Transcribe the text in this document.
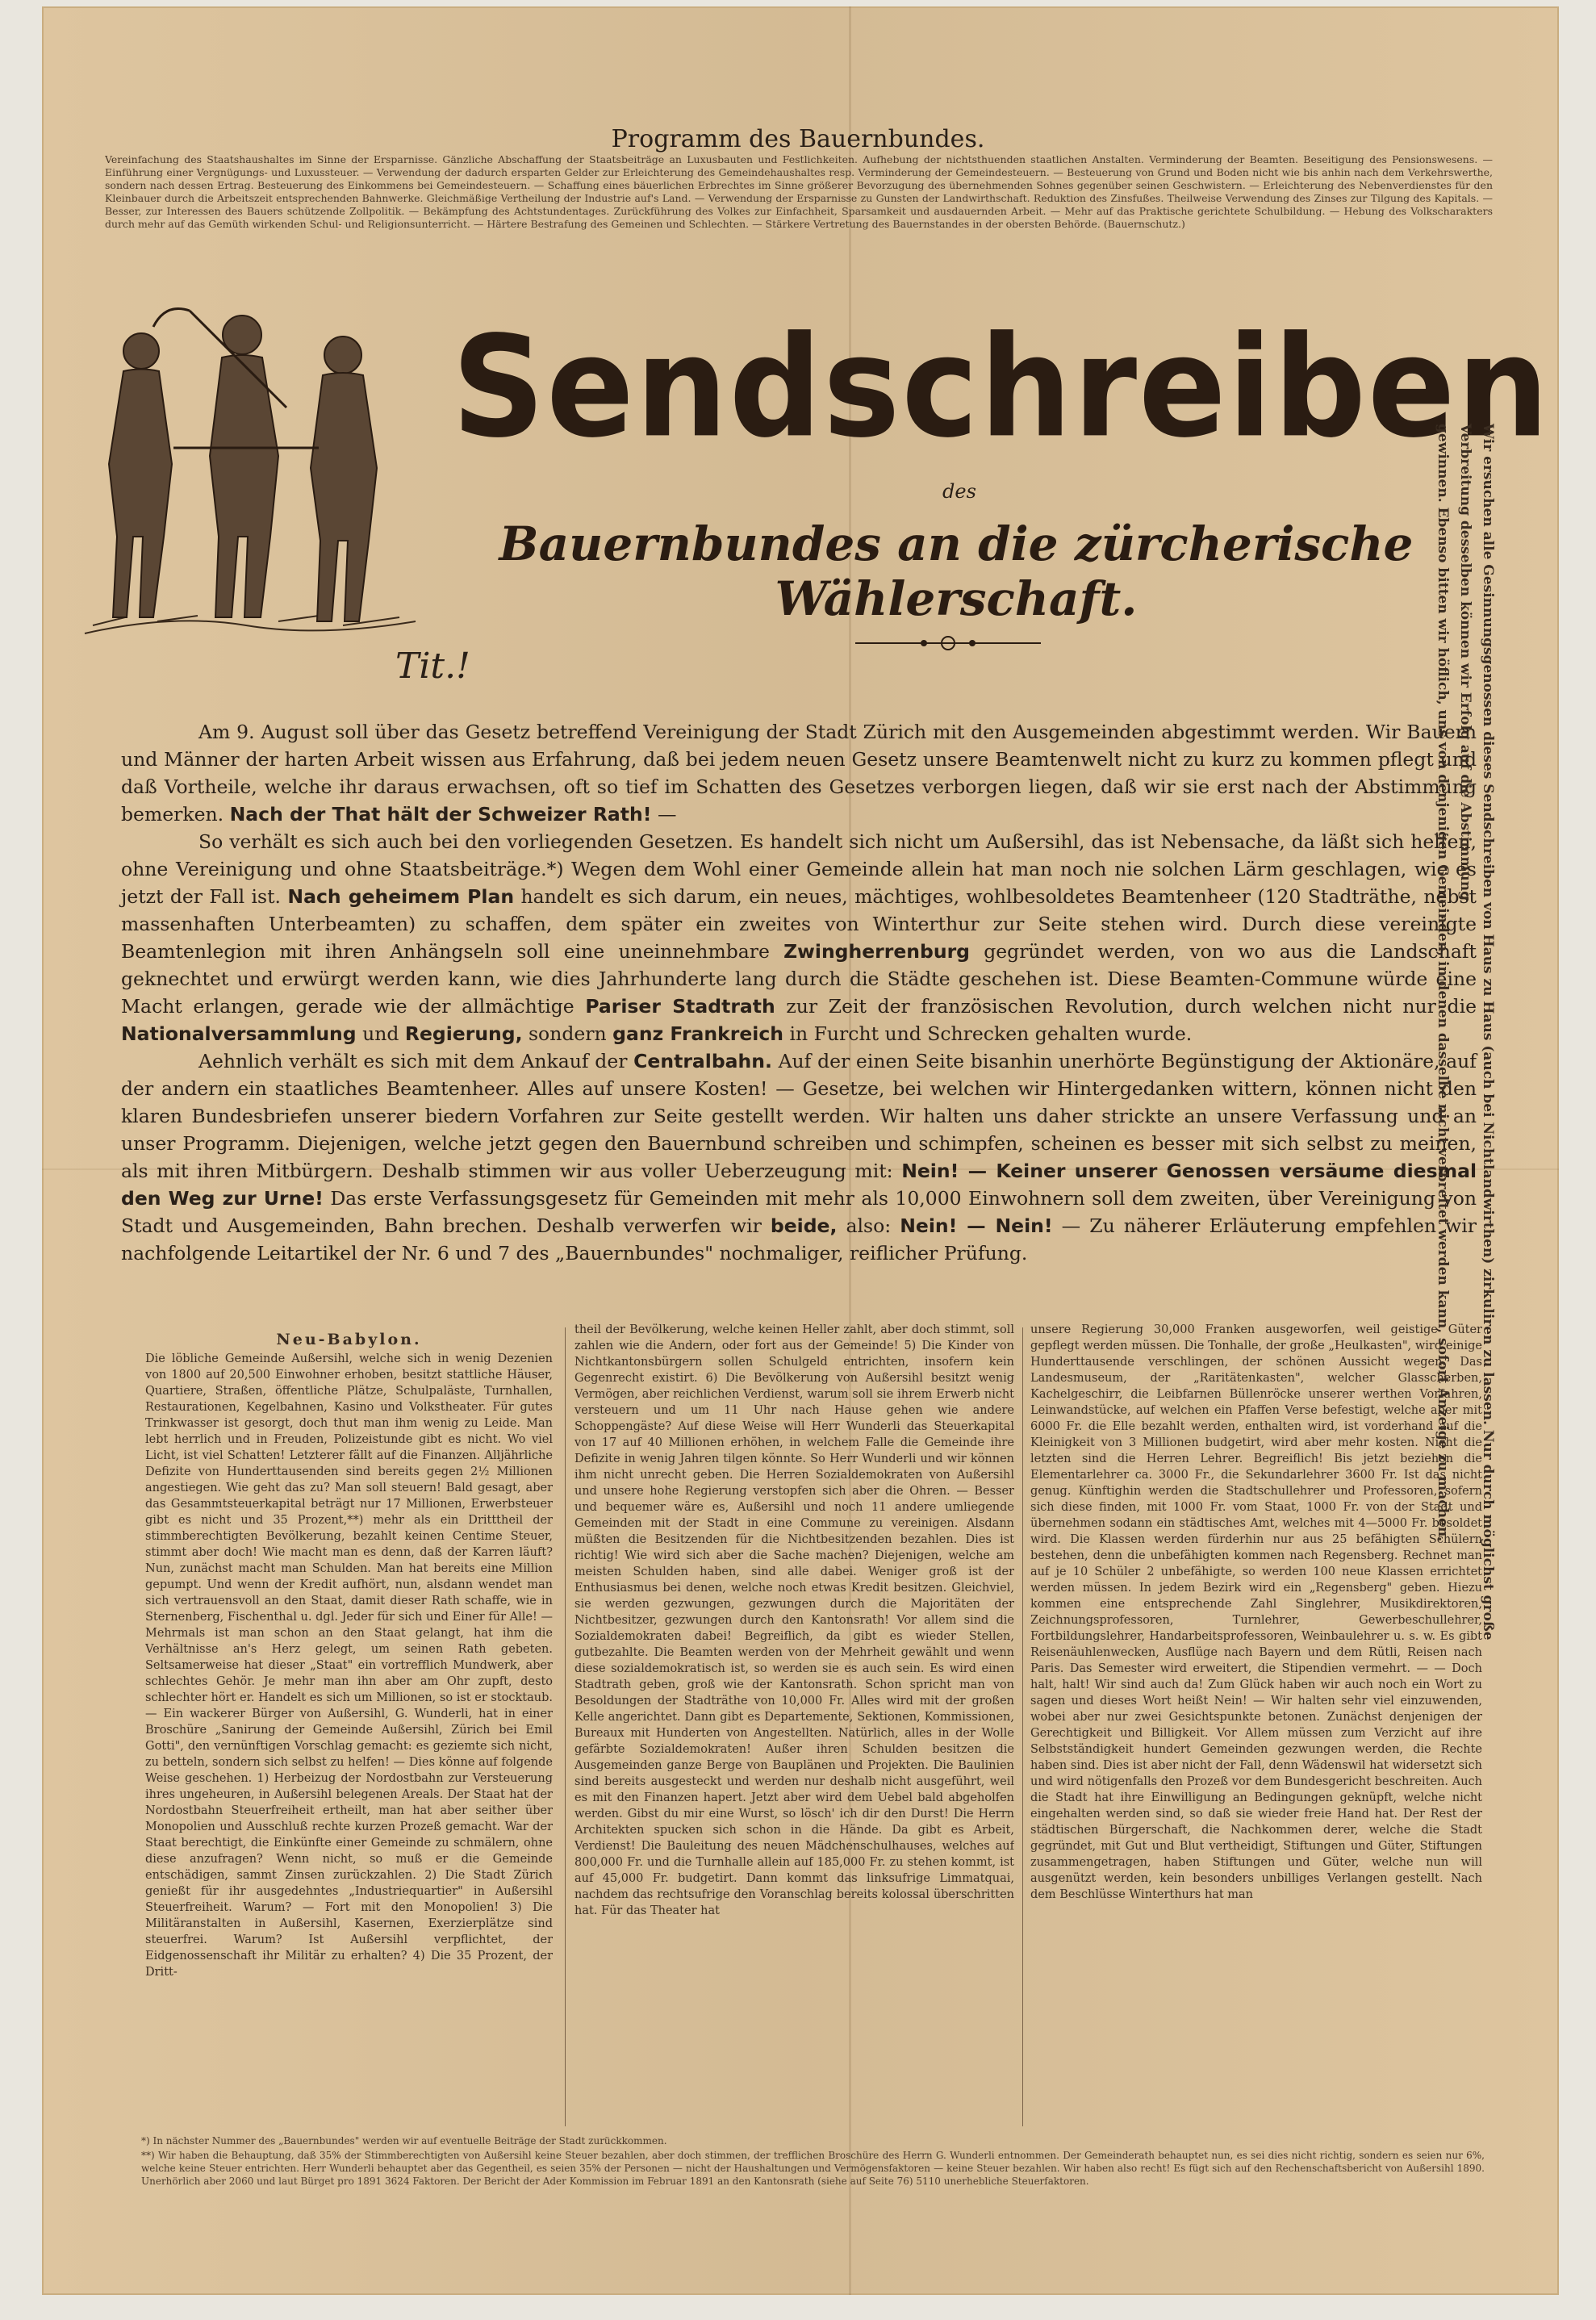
Programm des Bauernbundes.
Vereinfachung des Staatshaushaltes im Sinne der Ersparnisse. Gänzliche Abschaffung der Staatsbeiträge an Luxusbauten und Festlichkeiten. Aufhebung der nichtsthuenden staatlichen Anstalten. Verminderung der Beamten. Beseitigung des Pensionswesens. — Einführung einer Vergnügungs- und Luxussteuer. — Verwendung der dadurch ersparten Gelder zur Erleichterung des Gemeindehaushaltes resp. Verminderung der Gemeindesteuern. — Besteuerung von Grund und Boden nicht wie bis anhin nach dem Verkehrswerthe, sondern nach dessen Ertrag. Besteuerung des Einkommens bei Gemeindesteuern. — Schaffung eines bäuerlichen Erbrechtes im Sinne größerer Bevorzugung des übernehmenden Sohnes gegenüber seinen Geschwistern. — Erleichterung des Nebenverdienstes für den Kleinbauer durch die Arbeitszeit entsprechenden Bahnwerke. Gleichmäßige Vertheilung der Industrie auf's Land. — Verwendung der Ersparnisse zu Gunsten der Landwirthschaft. Reduktion des Zinsfußes. Theilweise Verwendung des Zinses zur Tilgung des Kapitals. — Besser, zur Interessen des Bauers schützende Zollpolitik. — Bekämpfung des Achtstundentages. Zurückführung des Volkes zur Einfachheit, Sparsamkeit und ausdauernden Arbeit. — Mehr auf das Praktische gerichtete Schulbildung. — Hebung des Volkscharakters durch mehr auf das Gemüth wirkenden Schul- und Religionsunterricht. — Härtere Bestrafung des Gemeinen und Schlechten. — Stärkere Vertretung des Bauernstandes in der obersten Behörde. (Bauernschutz.)
Sendschreiben
des
Bauernbundes an die zürcherische Wählerschaft.
Tit.!

Am 9. August soll über das Gesetz betreffend Vereinigung der Stadt Zürich mit den Ausgemeinden abgestimmt werden. Wir Bauern und Männer der harten Arbeit wissen aus Erfahrung, daß bei jedem neuen Gesetz unsere Beamtenwelt nicht zu kurz zu kommen pflegt und daß Vortheile, welche ihr daraus erwachsen, oft so tief im Schatten des Gesetzes verborgen liegen, daß wir sie erst nach der Abstimmung bemerken. Nach der That hält der Schweizer Rath! —

So verhält es sich auch bei den vorliegenden Gesetzen. Es handelt sich nicht um Außersihl, das ist Nebensache, da läßt sich helfen, ohne Vereinigung und ohne Staatsbeiträge.*) Wegen dem Wohl einer Gemeinde allein hat man noch nie solchen Lärm geschlagen, wie es jetzt der Fall ist. Nach geheimem Plan handelt es sich darum, ein neues, mächtiges, wohlbesoldetes Beamtenheer (120 Stadträthe, nebst massenhaften Unterbeamten) zu schaffen, dem später ein zweites von Winterthur zur Seite stehen wird. Durch diese vereinigte Beamtenlegion mit ihren Anhängseln soll eine uneinnehmbare Zwingherrenburg gegründet werden, von wo aus die Landschaft geknechtet und erwürgt werden kann, wie dies Jahrhunderte lang durch die Städte geschehen ist. Diese Beamten-Commune würde eine Macht erlangen, gerade wie der allmächtige Pariser Stadtrath zur Zeit der französischen Revolution, durch welchen nicht nur die Nationalversammlung und Regierung, sondern ganz Frankreich in Furcht und Schrecken gehalten wurde.

Aehnlich verhält es sich mit dem Ankauf der Centralbahn. Auf der einen Seite bisanhin unerhörte Begünstigung der Aktionäre, auf der andern ein staatliches Beamtenheer. Alles auf unsere Kosten! — Gesetze, bei welchen wir Hintergedanken wittern, können nicht den klaren Bundesbriefen unserer biedern Vorfahren zur Seite gestellt werden. Wir halten uns daher strickte an unsere Verfassung und an unser Programm. Diejenigen, welche jetzt gegen den Bauernbund schreiben und schimpfen, scheinen es besser mit sich selbst zu meinen, als mit ihren Mitbürgern. Deshalb stimmen wir aus voller Ueberzeugung mit: Nein! — Keiner unserer Genossen versäume diesmal den Weg zur Urne! Das erste Verfassungsgesetz für Gemeinden mit mehr als 10,000 Einwohnern soll dem zweiten, über Vereinigung von Stadt und Ausgemeinden, Bahn brechen. Deshalb verwerfen wir beide, also: Nein! — Nein! — Zu näherer Erläuterung empfehlen wir nachfolgende Leitartikel der Nr. 6 und 7 des „Bauernbundes" nochmaliger, reiflicher Prüfung.	Wir ersuchen alle Gesinnungsgenossen dieses Sendschreiben von Haus zu Haus (auch bei Nichtlandwirthen) zirkuliren zu lassen. Nur durch möglichst große Verbreitung desselben können wir Erfolg auf die Abstimmung
gewinnen. Ebenso bitten wir höflich, uns von denjenigen Gemeinden, in denen dasselbe nicht verbreitet werden kann, sofort Anzeige zu machen.
Neu-Babylon.
Die löbliche Gemeinde Außersihl, welche sich in wenig Dezenien von 1800 auf 20,500 Einwohner erhoben, besitzt stattliche Häuser, Quartiere, Straßen, öffentliche Plätze, Schulpaläste, Turnhallen, Restaurationen, Kegelbahnen, Kasino und Volkstheater. Für gutes Trinkwasser ist gesorgt, doch thut man ihm wenig zu Leide. Man lebt herrlich und in Freuden, Polizeistunde gibt es nicht. Wo viel Licht, ist viel Schatten! Letzterer fällt auf die Finanzen. Alljährliche Defizite von Hunderttausenden sind bereits gegen 2½ Millionen angestiegen. Wie geht das zu? Man soll steuern! Bald gesagt, aber das Gesammtsteuerkapital beträgt nur 17 Millionen, Erwerbsteuer gibt es nicht und 35 Prozent,**) mehr als ein Dritttheil der stimmberechtigten Bevölkerung, bezahlt keinen Centime Steuer, stimmt aber doch! Wie macht man es denn, daß der Karren läuft? Nun, zunächst macht man Schulden. Man hat bereits eine Million gepumpt. Und wenn der Kredit aufhört, nun, alsdann wendet man sich vertrauensvoll an den Staat, damit dieser Rath schaffe, wie in Sternenberg, Fischenthal u. dgl. Jeder für sich und Einer für Alle! — Mehrmals ist man schon an den Staat gelangt, hat ihm die Verhältnisse an's Herz gelegt, um seinen Rath gebeten. Seltsamerweise hat dieser „Staat" ein vortrefflich Mundwerk, aber schlechtes Gehör. Je mehr man ihn aber am Ohr zupft, desto schlechter hört er. Handelt es sich um Millionen, so ist er stocktaub. — Ein wackerer Bürger von Außersihl, G. Wunderli, hat in einer Broschüre „Sanirung der Gemeinde Außersihl, Zürich bei Emil Gotti", den vernünftigen Vorschlag gemacht: es geziemte sich nicht, zu betteln, sondern sich selbst zu helfen! — Dies könne auf folgende Weise geschehen. 1) Herbeizug der Nordostbahn zur Versteuerung ihres ungeheuren, in Außersihl belegenen Areals. Der Staat hat der Nordostbahn Steuerfreiheit ertheilt, man hat aber seither über Monopolien und Ausschluß rechte kurzen Prozeß gemacht. War der Staat berechtigt, die Einkünfte einer Gemeinde zu schmälern, ohne diese anzufragen? Wenn nicht, so muß er die Gemeinde entschädigen, sammt Zinsen zurückzahlen. 2) Die Stadt Zürich genießt für ihr ausgedehntes „Industriequartier" in Außersihl Steuerfreiheit. Warum? — Fort mit den Monopolien! 3) Die Militäranstalten in Außersihl, Kasernen, Exerzierplätze sind steuerfrei. Warum? Ist Außersihl verpflichtet, der Eidgenossenschaft ihr Militär zu erhalten? 4) Die 35 Prozent, der Dritt-
theil der Bevölkerung, welche keinen Heller zahlt, aber doch stimmt, soll zahlen wie die Andern, oder fort aus der Gemeinde! 5) Die Kinder von Nichtkantonsbürgern sollen Schulgeld entrichten, insofern kein Gegenrecht existirt. 6) Die Bevölkerung von Außersihl besitzt wenig Vermögen, aber reichlichen Verdienst, warum soll sie ihrem Erwerb nicht versteuern und um 11 Uhr nach Hause gehen wie andere Schoppengäste? Auf diese Weise will Herr Wunderli das Steuerkapital von 17 auf 40 Millionen erhöhen, in welchem Falle die Gemeinde ihre Defizite in wenig Jahren tilgen könnte. So Herr Wunderli und wir können ihm nicht unrecht geben. Die Herren Sozialdemokraten von Außersihl und unsere hohe Regierung verstopfen sich aber die Ohren. — Besser und bequemer wäre es, Außersihl und noch 11 andere umliegende Gemeinden mit der Stadt in eine Commune zu vereinigen. Alsdann müßten die Besitzenden für die Nichtbesitzenden bezahlen. Dies ist richtig! Wie wird sich aber die Sache machen? Diejenigen, welche am meisten Schulden haben, sind alle dabei. Weniger groß ist der Enthusiasmus bei denen, welche noch etwas Kredit besitzen. Gleichviel, sie werden gezwungen, gezwungen durch die Majoritäten der Nichtbesitzer, gezwungen durch den Kantonsrath! Vor allem sind die Sozialdemokraten dabei! Begreiflich, da gibt es wieder Stellen, gutbezahlte. Die Beamten werden von der Mehrheit gewählt und wenn diese sozialdemokratisch ist, so werden sie es auch sein. Es wird einen Stadtrath geben, groß wie der Kantonsrath. Schon spricht man von Besoldungen der Stadträthe von 10,000 Fr. Alles wird mit der großen Kelle angerichtet. Dann gibt es Departemente, Sektionen, Kommissionen, Bureaux mit Hunderten von Angestellten. Natürlich, alles in der Wolle gefärbte Sozialdemokraten! Außer ihren Schulden besitzen die Ausgemeinden ganze Berge von Bauplänen und Projekten. Die Baulinien sind bereits ausgesteckt und werden nur deshalb nicht ausgeführt, weil es mit den Finanzen hapert. Jetzt aber wird dem Uebel bald abgeholfen werden. Gibst du mir eine Wurst, so lösch' ich dir den Durst! Die Herrn Architekten spucken sich schon in die Hände. Da gibt es Arbeit, Verdienst! Die Bauleitung des neuen Mädchenschulhauses, welches auf 800,000 Fr. und die Turnhalle allein auf 185,000 Fr. zu stehen kommt, ist auf 45,000 Fr. budgetirt. Dann kommt das linksufrige Limmatquai, nachdem das rechtsufrige den Voranschlag bereits kolossal überschritten hat. Für das Theater hat
unsere Regierung 30,000 Franken ausgeworfen, weil geistige Güter gepflegt werden müssen. Die Tonhalle, der große „Heulkasten", wird einige Hunderttausende verschlingen, der schönen Aussicht wegen. Das Landesmuseum, der „Raritätenkasten", welcher Glasscherben, Kachelgeschirr, die Leibfarnen Büllenröcke unserer werthen Vorfahren, Leinwandstücke, auf welchen ein Pfaffen Verse befestigt, welche aber mit 6000 Fr. die Elle bezahlt werden, enthalten wird, ist vorderhand auf die Kleinigkeit von 3 Millionen budgetirt, wird aber mehr kosten. Nicht die letzten sind die Herren Lehrer. Begreiflich! Bis jetzt beziehen die Elementarlehrer ca. 3000 Fr., die Sekundarlehrer 3600 Fr. Ist das nicht genug. Künftighin werden die Stadtschullehrer und Professoren, sofern sich diese finden, mit 1000 Fr. vom Staat, 1000 Fr. von der Stadt und übernehmen sodann ein städtisches Amt, welches mit 4—5000 Fr. besoldet wird. Die Klassen werden fürderhin nur aus 25 befähigten Schülern bestehen, denn die unbefähigten kommen nach Regensberg. Rechnet man auf je 10 Schüler 2 unbefähigte, so werden 100 neue Klassen errichtet werden müssen. In jedem Bezirk wird ein „Regensberg" geben. Hiezu kommen eine entsprechende Zahl Singlehrer, Musikdirektoren, Zeichnungsprofessoren, Turnlehrer, Gewerbeschullehrer, Fortbildungslehrer, Handarbeitsprofessoren, Weinbaulehrer u. s. w. Es gibt Reisenäuhlenwecken, Ausflüge nach Bayern und dem Rütli, Reisen nach Paris. Das Semester wird erweitert, die Stipendien vermehrt. — — Doch halt, halt! Wir sind auch da! Zum Glück haben wir auch noch ein Wort zu sagen und dieses Wort heißt Nein! — Wir halten sehr viel einzuwenden, wobei aber nur zwei Gesichtspunkte betonen. Zunächst denjenigen der Gerechtigkeit und Billigkeit. Vor Allem müssen zum Verzicht auf ihre Selbstständigkeit hundert Gemeinden gezwungen werden, die Rechte haben sind. Dies ist aber nicht der Fall, denn Wädenswil hat widersetzt sich und wird nötigenfalls den Prozeß vor dem Bundesgericht beschreiten. Auch die Stadt hat ihre Einwilligung an Bedingungen geknüpft, welche nicht eingehalten werden sind, so daß sie wieder freie Hand hat. Der Rest der städtischen Bürgerschaft, die Nachkommen derer, welche die Stadt gegründet, mit Gut und Blut vertheidigt, Stiftungen und Güter, Stiftungen zusammengetragen, haben Stiftungen und Güter, welche nun will ausgenützt werden, kein besonders unbilliges Verlangen gestellt. Nach dem Beschlüsse Winterthurs hat man
*) In nächster Nummer des „Bauernbundes" werden wir auf eventuelle Beiträge der Stadt zurückkommen.
**) Wir haben die Behauptung, daß 35% der Stimmberechtigten von Außersihl keine Steuer bezahlen, aber doch stimmen, der trefflichen Broschüre des Herrn G. Wunderli entnommen. Der Gemeinderath behauptet nun, es sei dies nicht richtig, sondern es seien nur 6%, welche keine Steuer entrichten. Herr Wunderli behauptet aber das Gegentheil, es seien 35% der Personen — nicht der Haushaltungen und Vermögensfaktoren — keine Steuer bezahlen. Wir haben also recht! Es fügt sich auf den Rechenschaftsbericht von Außersihl 1890. Unerhörlich aber 2060 und laut Bürget pro 1891 3624 Faktoren. Der Bericht der Ader Kommission im Februar 1891 an den Kantonsrath (siehe auf Seite 76) 5110 unerhebliche Steuerfaktoren.
